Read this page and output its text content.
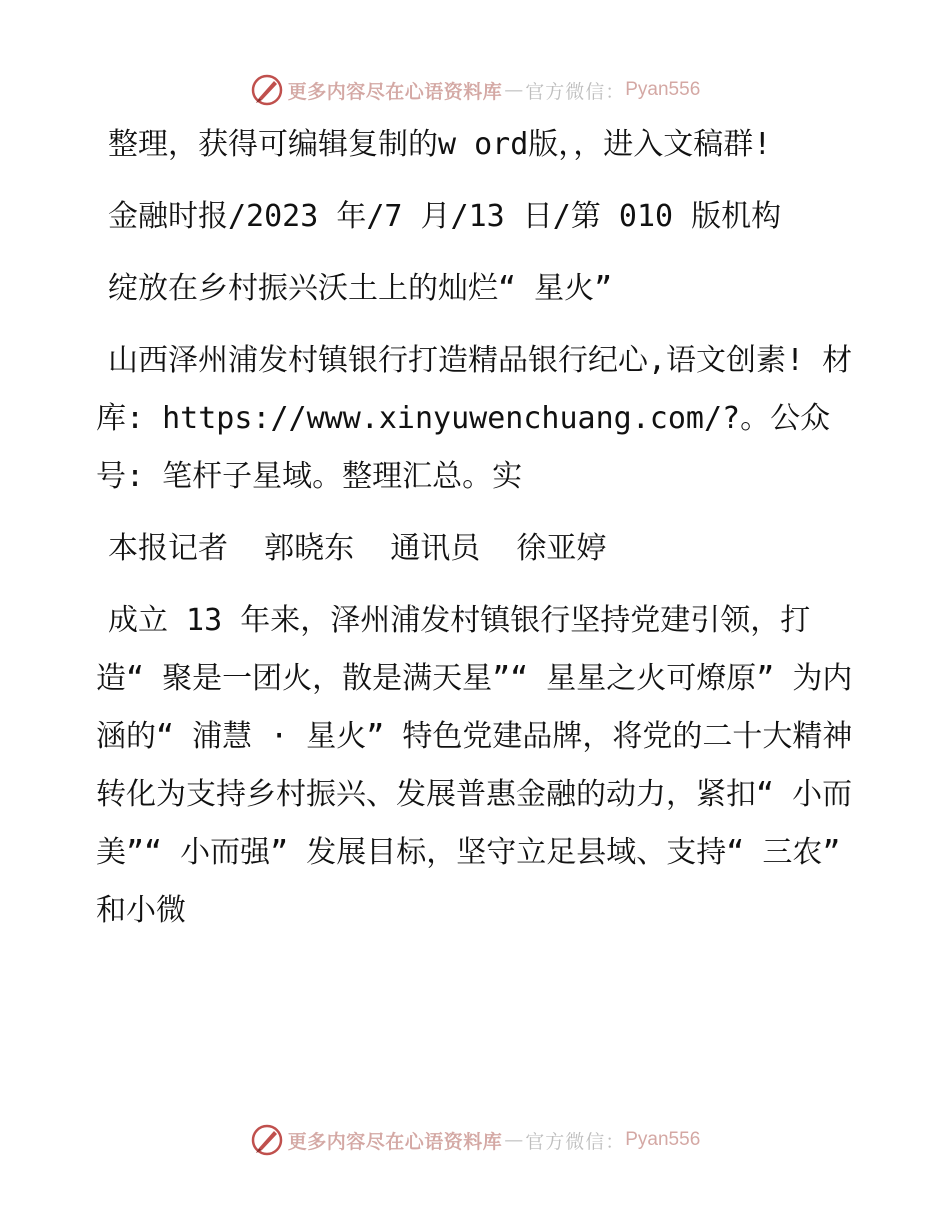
更多内容尽在心语资料库 — 官方微信： Pyan556

整理，获得可编辑复制的w ord版，，进入文稿群!

金融时报/2023 年/7 月/13 日/第 010 版机构

绽放在乡村振兴沃土上的灿烂“ 星火”

山西泽州浦发村镇银行打造精品银行纪心,语文创素! 材库: https://www.xinyuwenchuang.com/?。公众号: 笔杆子星域。整理汇总。实

本报记者  郭晓东  通讯员  徐亚婷

成立 13 年来，泽州浦发村镇银行坚持党建引领，打造“ 聚是一团火，散是满天星”“ 星星之火可燎原” 为内涵的“ 浦慧 · 星火” 特色党建品牌，将党的二十大精神转化为支持乡村振兴、发展普惠金融的动力，紧扣“ 小而美”“ 小而强” 发展目标，坚守立足县域、支持“ 三农” 和小微

更多内容尽在心语资料库 — 官方微信： Pyan556
